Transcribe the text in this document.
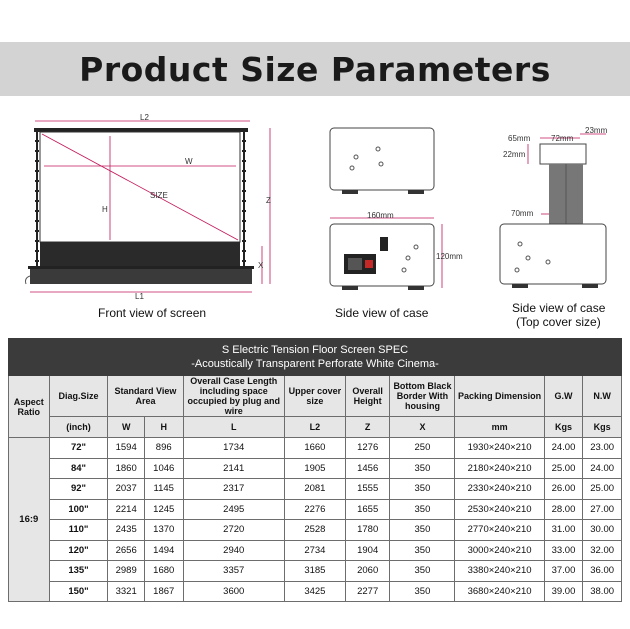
Product Size Parameters
L2
SIZE
W
H
Z
X
L1
160mm
120mm
65mm	72mm
23mm
22mm
70mm
Front view of screen	Side view of case	Side view of case
(Top cover size)
S Electric Tension Floor Screen SPEC
-Acoustically Transparent Perforate White Cinema-										

Aspect Ratio	Diag.Size	Standard View Area		Overall Case Length including space occupied by plug and wire	Upper cover size	Overall Height	Bottom Black Border With housing	Packing Dimension	G.W	N.W
	(inch)	W	H	L	L2	Z	X	mm	Kgs	Kgs
16:9	72"	1594	896	1734	1660	1276	250	1930×240×210	24.00	23.00
	84"	1860	1046	2141	1905	1456	350	2180×240×210	25.00	24.00
	92"	2037	1145	2317	2081	1555	350	2330×240×210	26.00	25.00
	100"	2214	1245	2495	2276	1655	350	2530×240×210	28.00	27.00
	110"	2435	1370	2720	2528	1780	350	2770×240×210	31.00	30.00
	120"	2656	1494	2940	2734	1904	350	3000×240×210	33.00	32.00
	135"	2989	1680	3357	3185	2060	350	3380×240×210	37.00	36.00
	150"	3321	1867	3600	3425	2277	350	3680×240×210	39.00	38.00
